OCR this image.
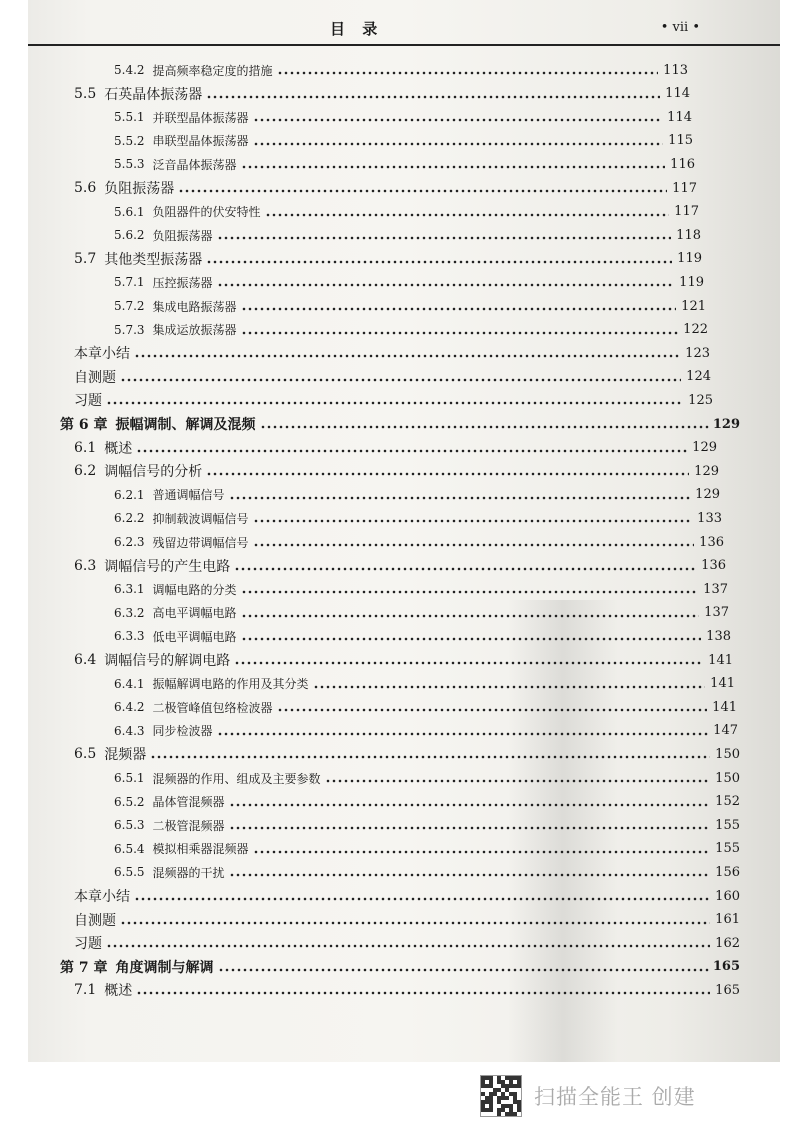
目 录	• vii •
5.4.2 提高频率稳定度的措施	113
5.5 石英晶体振荡器	114
5.5.1 并联型晶体振荡器	114
5.5.2 串联型晶体振荡器	115
5.5.3 泛音晶体振荡器	116
5.6 负阻振荡器	117
5.6.1 负阻器件的伏安特性	117
5.6.2 负阻振荡器	118
5.7 其他类型振荡器	119
5.7.1 压控振荡器	119
5.7.2 集成电路振荡器	121
5.7.3 集成运放振荡器	122
本章小结	123
自测题	124
习题	125
第 6 章 振幅调制、解调及混频	129
6.1 概述	129
6.2 调幅信号的分析	129
6.2.1 普通调幅信号	129
6.2.2 抑制载波调幅信号	133
6.2.3 残留边带调幅信号	136
6.3 调幅信号的产生电路	136
6.3.1 调幅电路的分类	137
6.3.2 高电平调幅电路	137
6.3.3 低电平调幅电路	138
6.4 调幅信号的解调电路	141
6.4.1 振幅解调电路的作用及其分类	141
6.4.2 二极管峰值包络检波器	141
6.4.3 同步检波器	147
6.5 混频器	150
6.5.1 混频器的作用、组成及主要参数	150
6.5.2 晶体管混频器	152
6.5.3 二极管混频器	155
6.5.4 模拟相乘器混频器	155
6.5.5 混频器的干扰	156
本章小结	160
自测题	161
习题	162
第 7 章 角度调制与解调	165
7.1 概述	165
扫描全能王 创建
